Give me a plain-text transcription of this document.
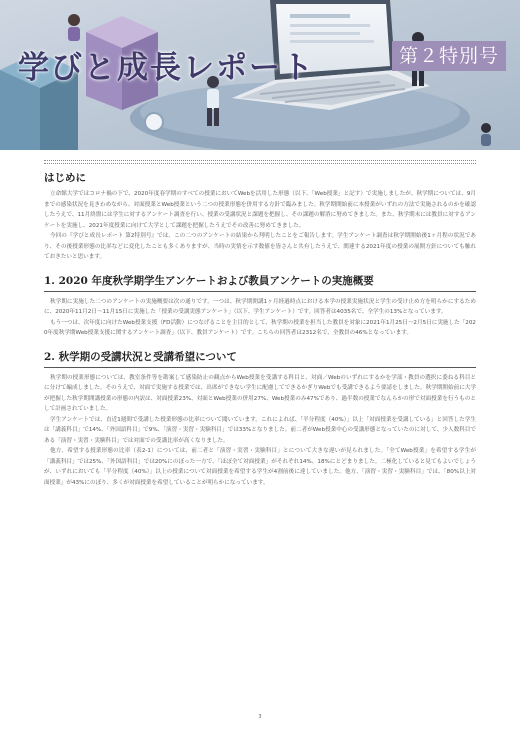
学びと成長レポート	第２特別号
はじめに

立命館大学ではコロナ禍の下で、2020年度春学期のすべての授業においてWebを活用した形態（以下、「Web授業」と記す）で実施しましたが、秋学期については、9月までの感染状況を見きわめながら、対面授業とWeb授業という二つの授業形態を併用する方針で臨みました。秋学期開始前に本授業がいずれの方法で実施されるのかを確認したうえで、11月終盤には学生に対するアンケート調査を行い、授業の受講状況と課題を把握し、その課題の解消に努めてきました。また、秋学期末には教員に対するアンケートを実施し、2021年度授業に向けて大学として課題を把握したうえでその改善に努めてきました。

今回の『学びと成長レポート 第2特別号』では、この二つのアンケートの結果から判明したことをご報告します。学生アンケート調査は秋学期開始後1ヶ月程の状況であり、その後授業形態の比率などに変化したことも多くありますが、当時の実情を示す数値を皆さんと共有したうえで、関連する2021年度の授業の展開方針についても触れておきたいと思います。

1. 2020 年度秋学期学生アンケートおよび教員アンケートの実施概要

秋学期に実施した二つのアンケートの実施概要は次の通りです。一つは、秋学期開講1ヶ月経過時点における本学の授業実施状況と学生の受け止め方を明らかにするために、2020年11月2日～11月15日に実施した「授業の受講実態アンケート」（以下、学生アンケート）です。回答者は4035名で、全学生の13%となっています。

もう一つは、次年度に向けたWeb授業支援（FD活動）につなげることを主目的として、秋学期の授業を担当した教員を対象に2021年1月25日～2月5日に実施した「2020年度秋学期Web授業支援に関するアンケート調査」（以下、教員アンケート）です。こちらの回答者は2312名で、全教員の46%となっています。

2. 秋学期の受講状況と受講希望について

秋学期の授業形態については、教室条件等を勘案して感染防止の観点からWeb授業を受講する科目と、対面／Webのいずれにするかを学部・教員の選択に委ねる科目とに分けて編成しました。そのうえで、対面で実施する授業では、出席ができない学生に配慮してできるかぎりWebでも受講できるよう要請をしました。秋学期開始前に大学が把握した秋学期開講授業の形態の内訳は、対面授業23%、対面とWeb授業の併用27%、Web授業のみ47%であり、過半数の授業でなんらかの形で対面授業を行うものとして計画されていました。

学生アンケートでは、直近1週間で受講した授業形態の比率について聞いています。これによれば、「半分程度（40%）」以上「対面授業を受講している」と回答した学生は「講義科目」で14%、「外国語科目」で9%、「演習・実習・実験科目」では33%となりました。前二者がWeb授業中心の受講形態となっていたのに対して、少人数科目である「演習・実習・実験科目」では対面での受講比率が高くなりました。

他方、希望する授業形態の比率（表2-1）については、前二者と「演習・実習・実験科目」とについて大きな違いが見られました。「全てWeb授業」を希望する学生が「講義科目」では25%、「外国語科目」では20%にのぼった一方で、「ほぼ全て対面授業」がそれぞれ14%、18%にとどまりました。二極化していると見てもよいでしょうが、いずれにおいても「半分程度（40%）」以上の授業について対面授業を希望する学生が4割前後に達していました。他方、「演習・実習・実験科目」では、「80%以上対面授業」が43%にのぼり、多くが対面授業を希望していることが明らかになっています。

3
